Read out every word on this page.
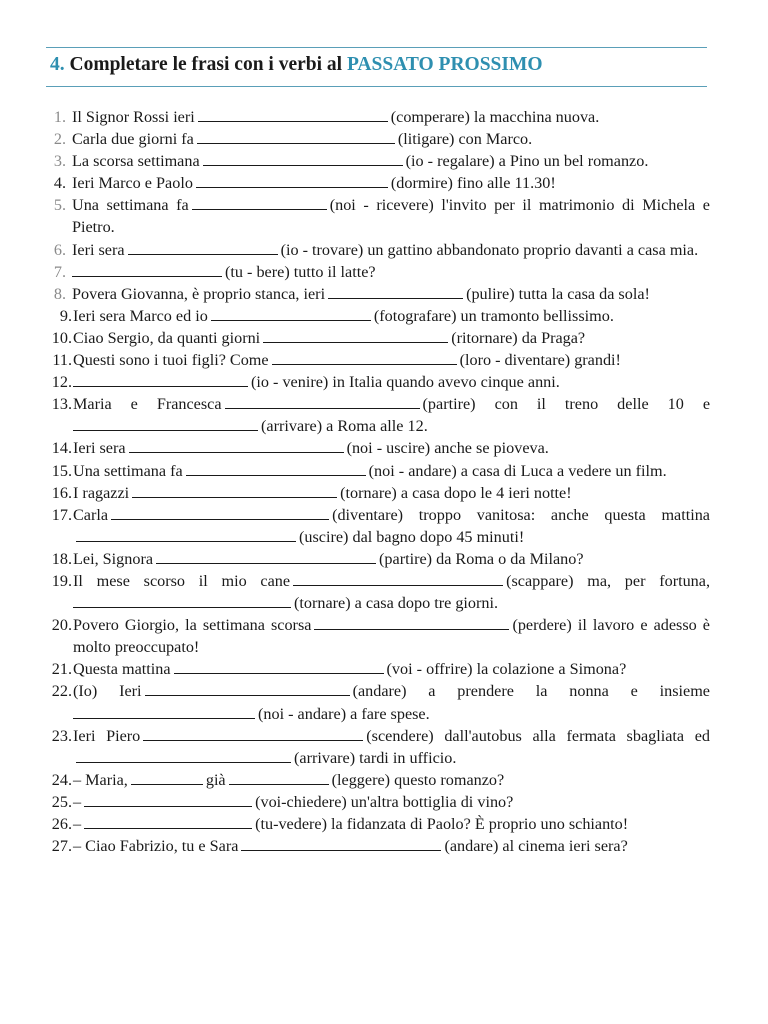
4. Completare le frasi con i verbi al PASSATO PROSSIMO
1. Il Signor Rossi ieri	(comperare) la macchina nuova.
2. Carla due giorni fa	(litigare) con Marco.
3. La scorsa settimana	(io - regalare) a Pino un bel romanzo.
4. Ieri Marco e Paolo	(dormire) fino alle 11.30!
5. Una settimana fa	(noi - ricevere) l'invito per il matrimonio di Michela e Pietro.
6. Ieri sera	(io - trovare) un gattino abbandonato proprio davanti a casa mia.
7.	(tu - bere) tutto il latte?
8. Povera Giovanna, è proprio stanca, ieri	(pulire) tutta la casa da sola!
9. Ieri sera Marco ed io	(fotografare) un tramonto bellissimo.
10. Ciao Sergio, da quanti giorni	(ritornare) da Praga?
11. Questi sono i tuoi figli? Come	(loro - diventare) grandi!
12.	(io - venire) in Italia quando avevo cinque anni.
13. Maria e Francesca	(partire) con il treno delle 10 e(arrivare) a Roma alle 12.
14. Ieri sera	(noi - uscire) anche se pioveva.
15. Una settimana fa	(noi - andare) a casa di Luca a vedere un film.
16. I ragazzi	(tornare) a casa dopo le 4 ieri notte!
17. Carla	(diventare) troppo vanitosa: anche questa mattina(uscire) dal bagno dopo 45 minuti!
18. Lei, Signora	(partire) da Roma o da Milano?
19. Il mese scorso il mio cane	(scappare) ma, per fortuna,(tornare) a casa dopo tre giorni.
20. Povero Giorgio, la settimana scorsa	(perdere) il lavoro e adesso è molto preoccupato!
21. Questa mattina	(voi - offrire) la colazione a Simona?
22. (Io) Ieri	(andare) a prendere la nonna e insieme(noi - andare) a fare spese.
23. Ieri Piero	(scendere) dall'autobus alla fermata sbagliata ed(arrivare) tardi in ufficio.
24. – Maria,	già	(leggere) questo romanzo?
25. –	(voi-chiedere) un'altra bottiglia di vino?
26. –	(tu-vedere) la fidanzata di Paolo? È proprio uno schianto!
27. – Ciao Fabrizio, tu e Sara	(andare) al cinema ieri sera?
